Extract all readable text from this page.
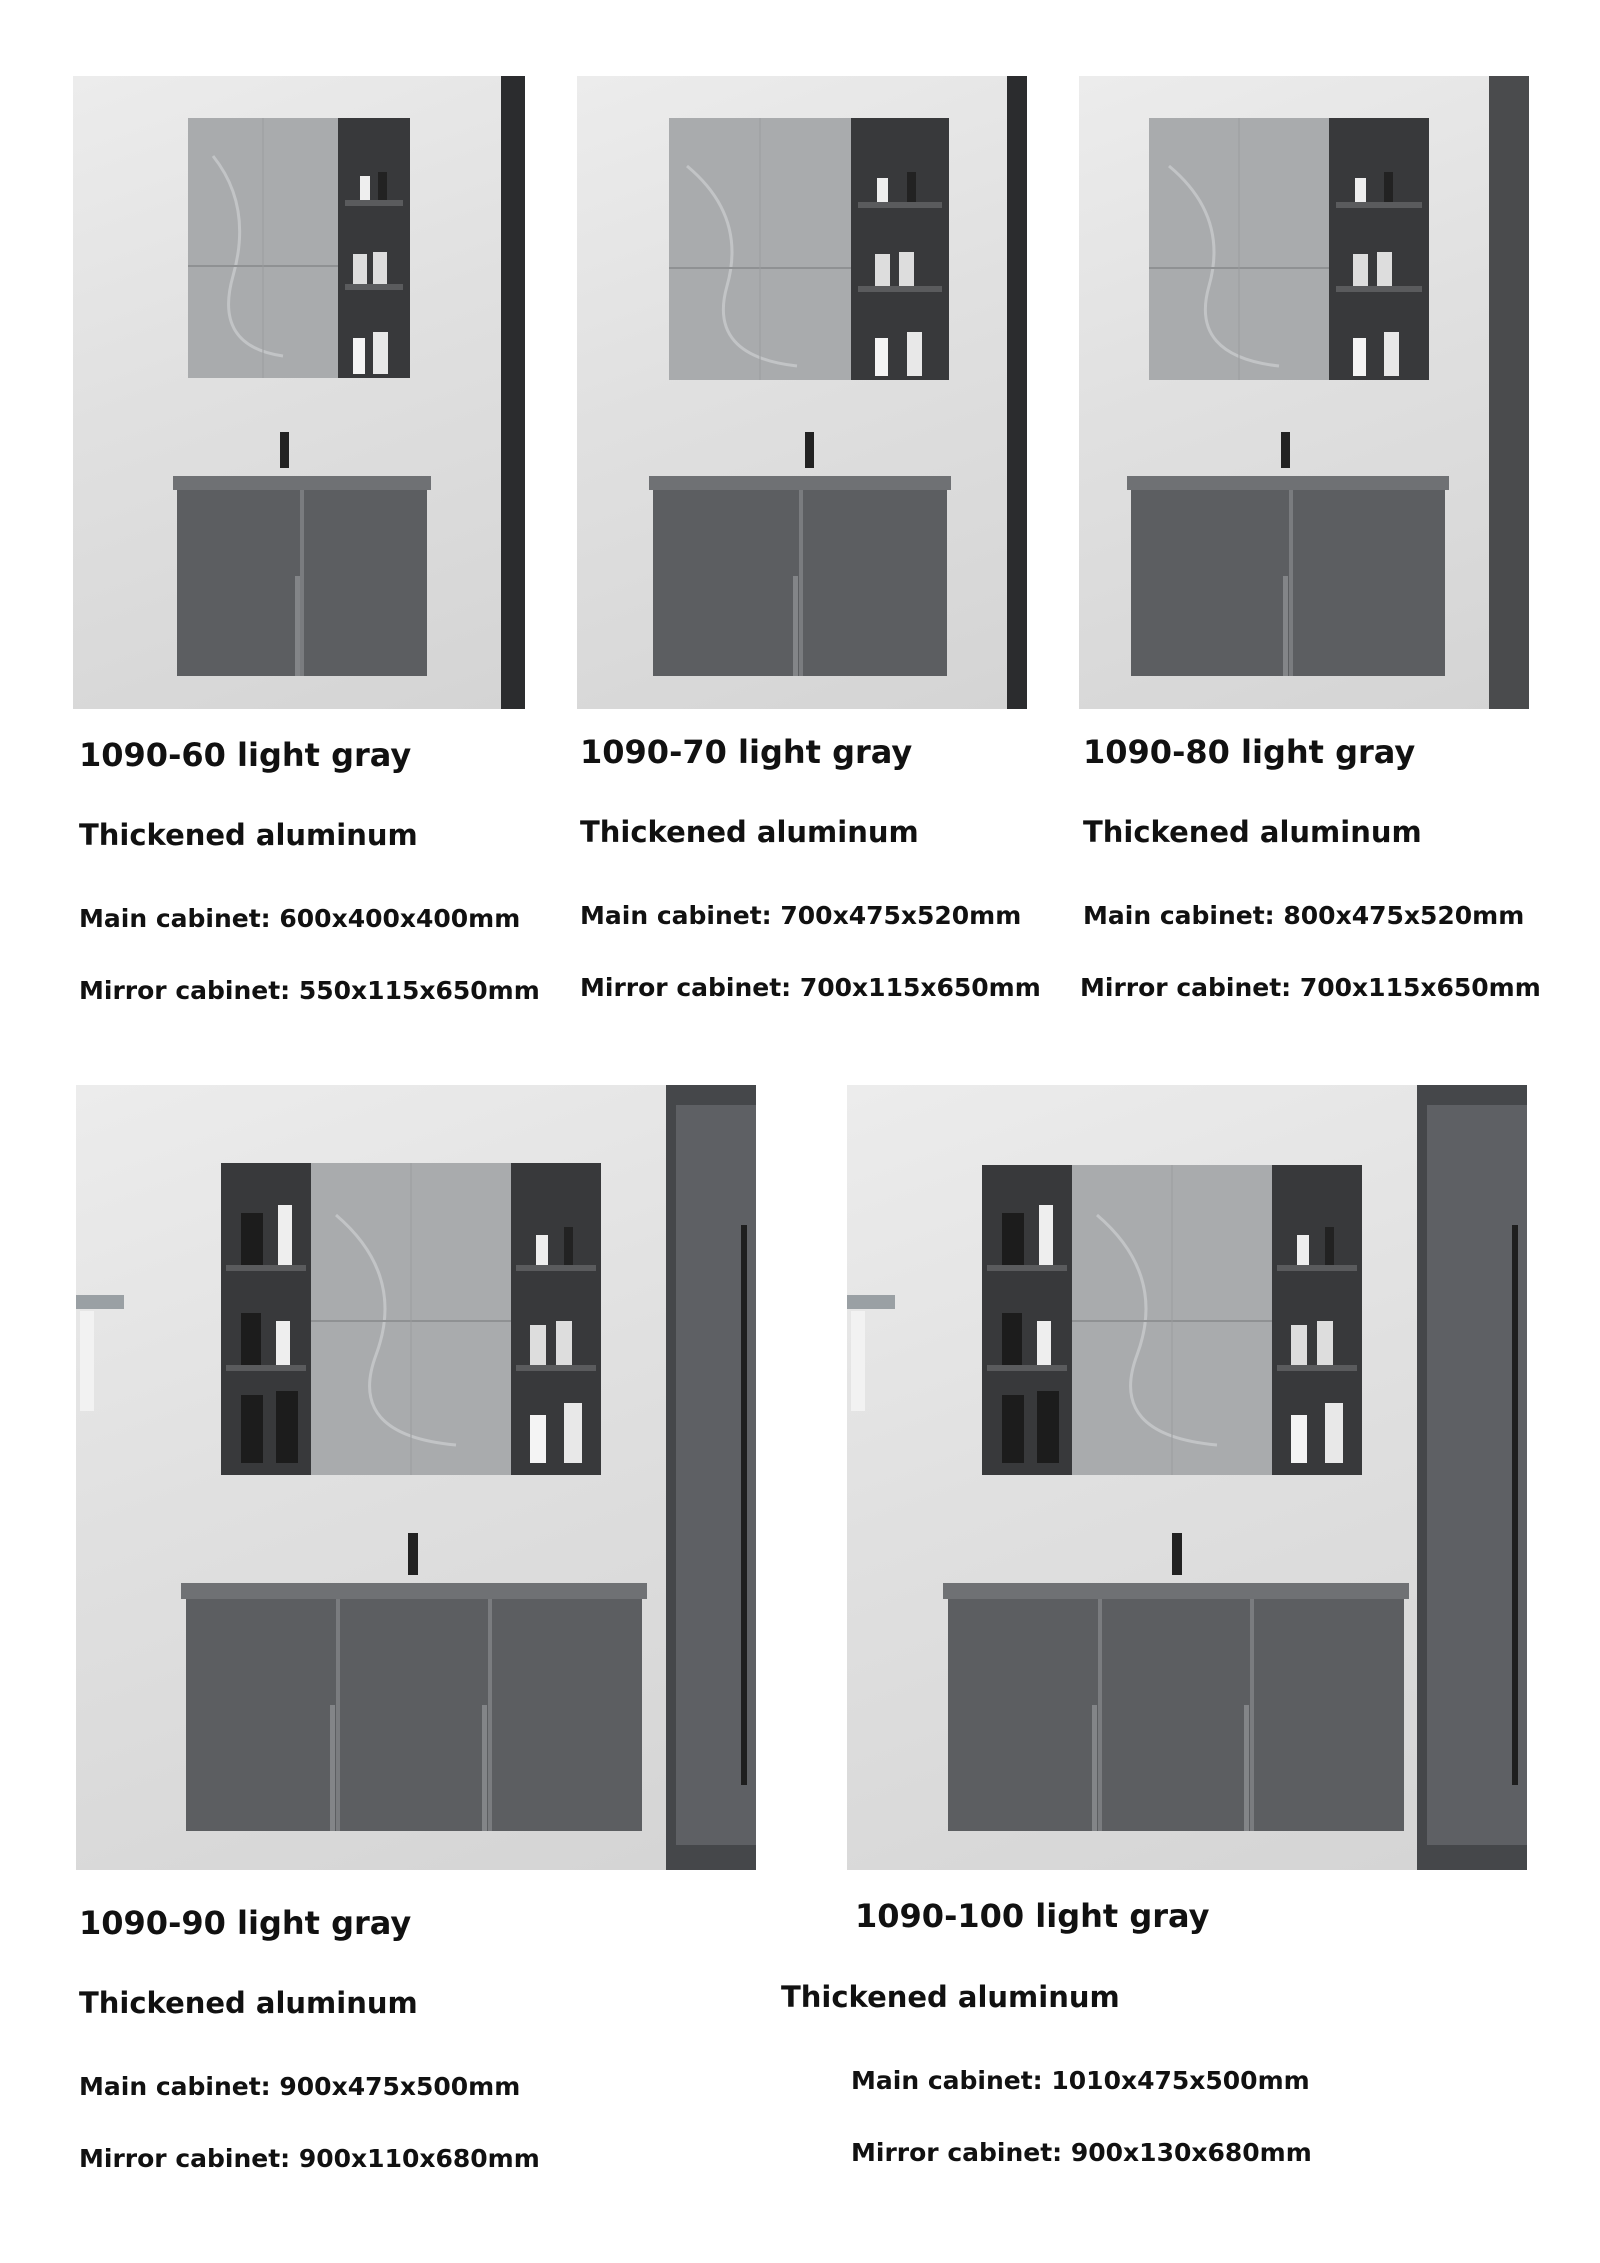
1090-60 light gray
Thickened aluminum
Main cabinet: 600x400x400mm
Mirror cabinet: 550x115x650mm
1090-70 light gray
Thickened aluminum
Main cabinet: 700x475x520mm
Mirror cabinet: 700x115x650mm
1090-80 light gray
Thickened aluminum
Main cabinet: 800x475x520mm
Mirror cabinet: 700x115x650mm
1090-90 light gray
Thickened aluminum
Main cabinet: 900x475x500mm
Mirror cabinet: 900x110x680mm
1090-100 light gray
Thickened aluminum
Main cabinet: 1010x475x500mm
Mirror cabinet: 900x130x680mm
